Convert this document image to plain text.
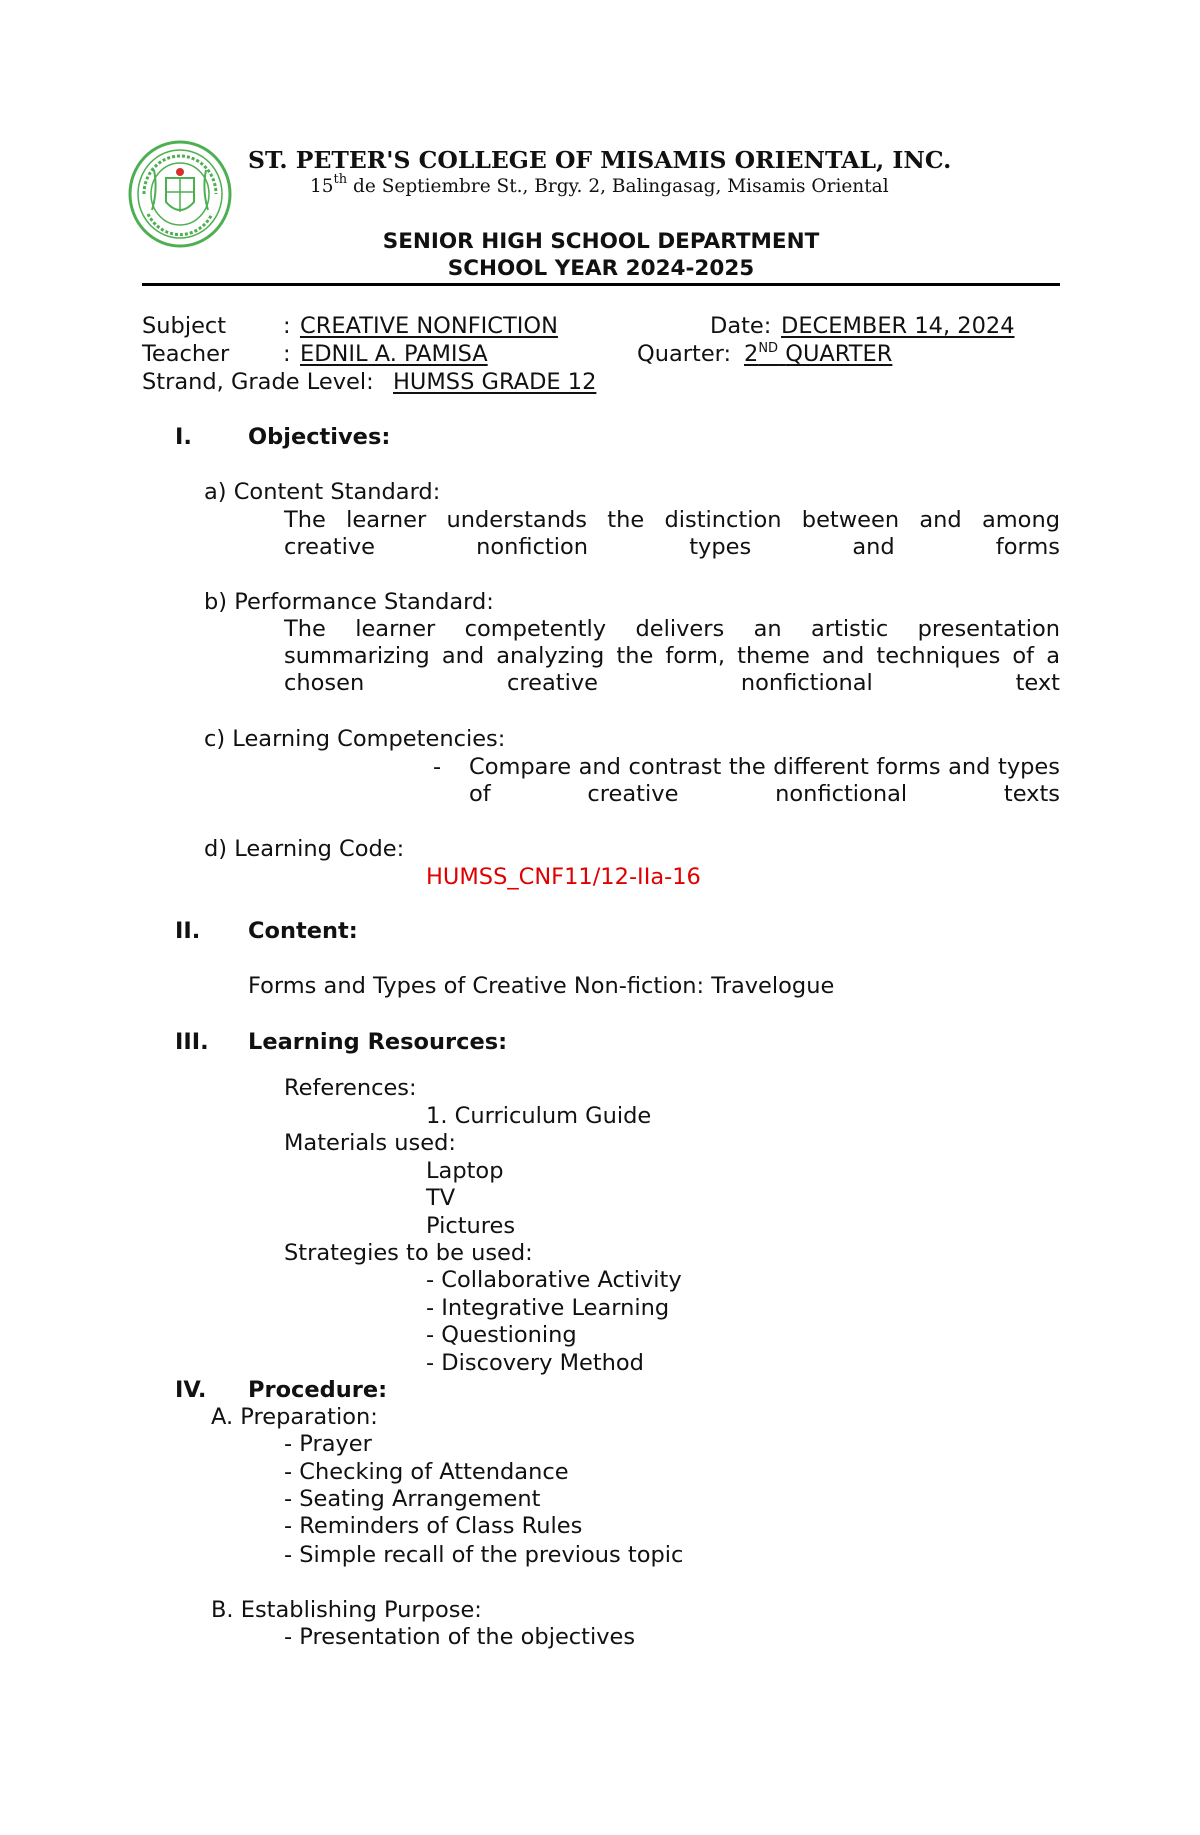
ST. PETER'S COLLEGE OF MISAMIS ORIENTAL, INC.
15th de Septiembre St., Brgy. 2, Balingasag, Misamis Oriental
SENIOR HIGH SCHOOL DEPARTMENT
SCHOOL YEAR 2024-2025
Subject	: CREATIVE NONFICTION	Date: DECEMBER 14, 2024
Teacher : EDNIL A. PAMISA	Quarter: 2ND QUARTER
Strand, Grade Level: HUMSS GRADE 12
I. Objectives:
a) Content Standard:
The learner understands the distinction between and among creative nonfiction types and forms
b) Performance Standard:
The learner competently delivers an artistic presentation summarizing and analyzing the form, theme and techniques of a chosen creative nonfictional text
c) Learning Competencies:
- Compare and contrast the different forms and types of creative nonfictional texts
d) Learning Code:
HUMSS_CNF11/12-IIa-16
II. Content:
Forms and Types of Creative Non-fiction: Travelogue
III. Learning Resources:
References:
1. Curriculum Guide
Materials used:
Laptop
TV
Pictures
Strategies to be used:
- Collaborative Activity
- Integrative Learning
- Questioning
- Discovery Method
IV. Procedure:
A. Preparation:
- Prayer
- Checking of Attendance
- Seating Arrangement
- Reminders of Class Rules
- Simple recall of the previous topic
B. Establishing Purpose:
- Presentation of the objectives
